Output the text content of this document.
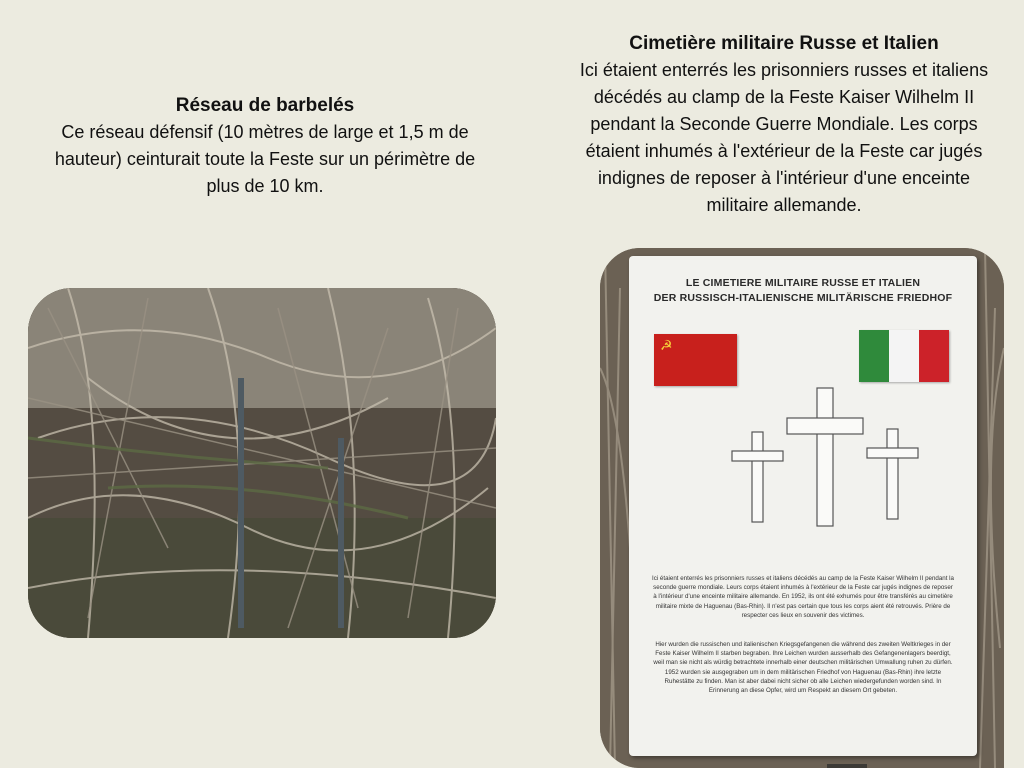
Réseau de barbelés
Ce réseau défensif (10 mètres de large et 1,5 m de hauteur) ceinturait toute la Feste sur un périmètre de plus de 10 km.
Cimetière militaire Russe et Italien
Ici étaient enterrés les prisonniers russes et italiens décédés au clamp de la Feste Kaiser Wilhelm II pendant la Seconde Guerre Mondiale. Les corps étaient inhumés à l'extérieur de la Feste car jugés indignes de reposer à l'intérieur d'une enceinte militaire allemande.
LE CIMETIERE MILITAIRE RUSSE ET ITALIEN
DER RUSSISCH-ITALIENISCHE MILITÄRISCHE FRIEDHOF
☭
Ici étaient enterrés les prisonniers russes et italiens décédés au camp de la Feste Kaiser Wilhelm II pendant la seconde guerre mondiale. Leurs corps étaient inhumés à l'extérieur de la Feste car jugés indignes de reposer à l'intérieur d'une enceinte militaire allemande. En 1952, ils ont été exhumés pour être transférés au cimetière militaire mixte de Haguenau (Bas-Rhin). Il n'est pas certain que tous les corps aient été retrouvés. Prière de respecter ces lieux en souvenir des victimes.
Hier wurden die russischen und italienischen Kriegsgefangenen die während des zweiten Weltkrieges in der Feste Kaiser Wilhelm II starben begraben. Ihre Leichen wurden ausserhalb des Gefangenenlagers beerdigt, weil man sie nicht als würdig betrachtete innerhalb einer deutschen militärischen Umwallung ruhen zu dürfen. 1952 wurden sie ausgegraben um in dem militärischen Friedhof von Haguenau (Bas-Rhin) ihre letzte Ruhestätte zu finden. Man ist aber dabei nicht sicher ob alle Leichen wiedergefunden worden sind. In Erinnerung an diese Opfer, wird um Respekt an diesem Ort gebeten.
